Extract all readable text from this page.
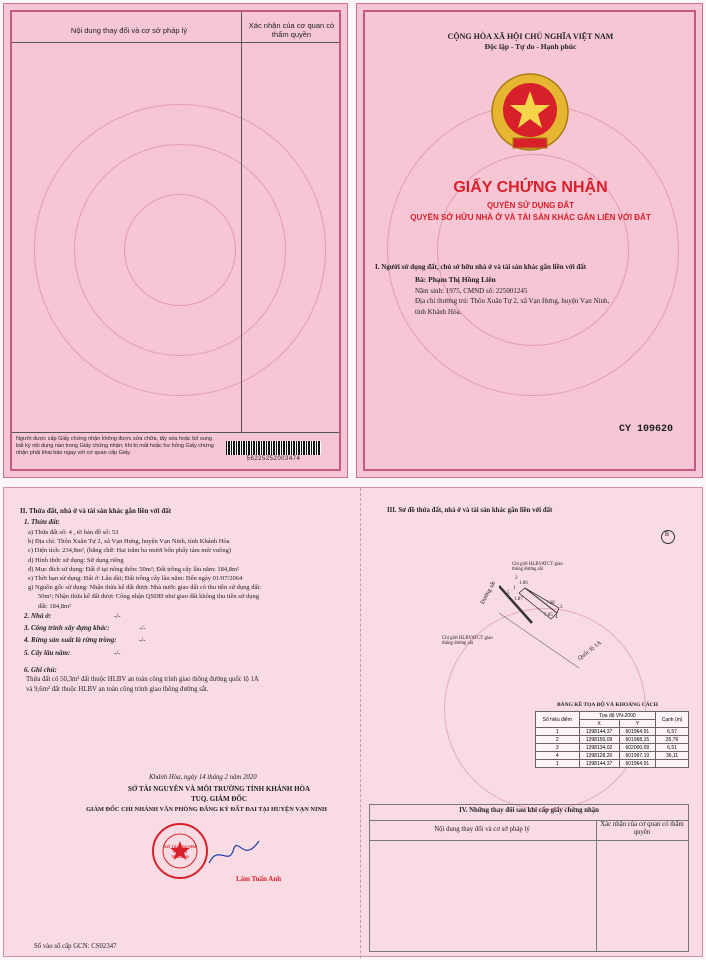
Nội dung thay đổi và cơ sở pháp lý
Xác nhận của cơ quan có thẩm quyền
Người được cấp Giấy chứng nhận không được sửa chữa, tẩy xóa hoặc bổ sung bất kỳ nội dung nào trong Giấy chứng nhận; khi bị mất hoặc hư hỏng Giấy chứng nhận phải khai báo ngay với cơ quan cấp Giấy.
56225252003474
CỘNG HÒA XÃ HỘI CHỦ NGHĨA VIỆT NAM
Độc lập - Tự do - Hạnh phúc
GIẤY CHỨNG NHẬN
QUYỀN SỬ DỤNG ĐẤT
QUYỀN SỞ HỮU NHÀ Ở VÀ TÀI SẢN KHÁC GẮN LIỀN VỚI ĐẤT
I. Người sử dụng đất, chủ sở hữu nhà ở và tài sản khác gắn liền với đất
Bà: Phạm Thị Hồng Liên
Năm sinh: 1975, CMND số: 225001245
Địa chỉ thường trú: Thôn Xuân Tự 2, xã Vạn Hưng, huyện Vạn Ninh,
tỉnh Khánh Hòa.
CY 109620
II. Thửa đất, nhà ở và tài sản khác gắn liền với đất
1. Thửa đất:
a) Thửa đất số: 4 , tờ bản đồ số: 53
b) Địa chỉ: Thôn Xuân Tự 2, xã Vạn Hưng, huyện Vạn Ninh, tỉnh Khánh Hòa
c) Diện tích: 234,8m², (bằng chữ: Hai trăm ba mươi bốn phẩy tám mét vuông)
d) Hình thức sử dụng: Sử dụng riêng
đ) Mục đích sử dụng: Đất ở tại nông thôn: 50m²; Đất trồng cây lâu năm: 184,8m²
e) Thời hạn sử dụng: Đất ở: Lâu dài; Đất trồng cây lâu năm: Đến ngày 01/07/2064
g) Nguồn gốc sử dụng: Nhận thừa kế đất được Nhà nước giao đất có thu tiền sử dụng đất:
50m²; Nhận thừa kế đất được Công nhận QSDĐ như giao đất không thu tiền sử dụng
đất: 184,8m²
2. Nhà ở:	-/-
3. Công trình xây dựng khác:	-/-
4. Rừng sản xuất là rừng trồng:	-/-
5. Cây lâu năm:	-/-
6. Ghi chú:
Thửa đất có 50,3m² đất thuộc HLBV an toàn công trình giao thông đường quốc lộ 1A
và 9,6m² đất thuộc HLBV an toàn công trình giao thông đường sắt.
Khánh Hòa, ngày 14 tháng 2 năm 2020
SỞ TÀI NGUYÊN VÀ MÔI TRƯỜNG TỈNH KHÁNH HÒA
TUQ. GIÁM ĐỐC
GIÁM ĐỐC CHI NHÁNH VĂN PHÒNG ĐĂNG KÝ ĐẤT ĐAI TẠI HUYỆN VẠN NINH
SỞ TÀI NGUYÊN VÀ MÔI TRƯỜNG
Lâm Tuấn Anh
Số vào sổ cấp GCN: CS02347
III. Sơ đồ thửa đất, nhà ở và tài sản khác gắn liền với đất
B
Đường sắt
Quốc lộ 1A
Chỉ giới HLBVATCT giao thông đường sắt
Chỉ giới HLBVATCT giao thông đường sắt
1.06
1.87
7.60
7.85
1
2
3
4
5
BẢNG KÊ TỌA ĐỘ VÀ KHOẢNG CÁCH
Số hiệu điểm	Tọa độ VN-2000		Cạnh (m)
	X	Y	
1	1398144,37	601964,91	6,57
2	1398150,09	601968,15	35,76
3	1398134,02	602000,09	6,51
4	1398128,20	601997,19	36,11
1	1398144,37	601964,91	
IV. Những thay đổi sau khi cấp giấy chứng nhận
Nội dung thay đổi và cơ sở pháp lý
Xác nhận của cơ quan có thẩm quyền
